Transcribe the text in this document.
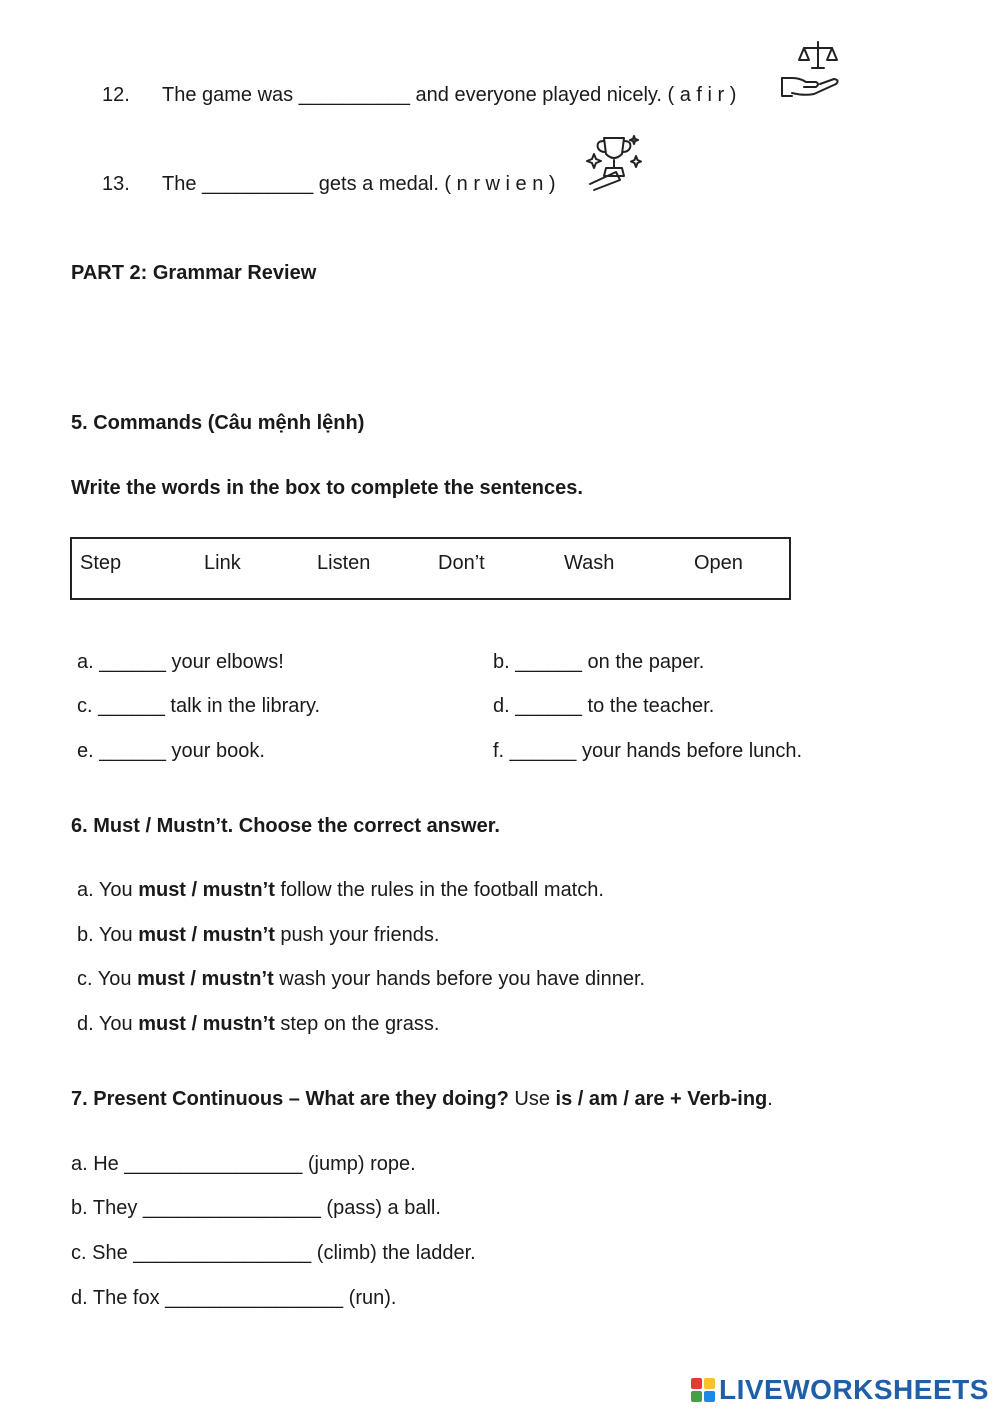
12.	The game was __________ and everyone played nicely. ( a f i r )
13.	The __________ gets a medal. ( n r w i e n )
PART 2: Grammar Review
5. Commands (Câu mệnh lệnh)
Write the words in the box to complete the sentences.
Step	Link	Listen	Don’t	Wash	Open
a. ______ your elbows!	b. ______ on the paper.
c. ______ talk in the library.	d. ______ to the teacher.
e. ______ your book.	f. ______ your hands before lunch.
6. Must / Mustn’t. Choose the correct answer.
a. You must / mustn’t follow the rules in the football match.
b. You must / mustn’t push your friends.
c. You must / mustn’t wash your hands before you have dinner.
d. You must / mustn’t step on the grass.
7. Present Continuous – What are they doing? Use is / am / are + Verb-ing.
a. He ________________ (jump) rope.
b. They ________________ (pass) a ball.
c. She ________________ (climb) the ladder.
d. The fox ________________ (run).
LIVEWORKSHEETS
